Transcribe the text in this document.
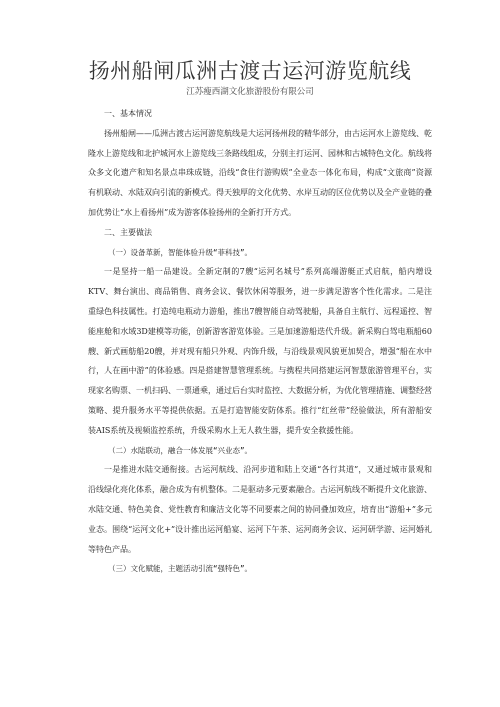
扬州船闸瓜洲古渡古运河游览航线
江苏瘦西湖文化旅游股份有限公司

一、基本情况

扬州船闸——瓜洲古渡古运河游览航线是大运河扬州段的精华部分，由古运河水上游览线、乾隆水上游览线和北护城河水上游览线三条路线组成，分别主打运河、园林和古城特色文化。航线将众多文化遗产和知名景点串珠成链，沿线“食住行游购娱”全业态一体化布局，构成“文旅商”资源有机联动、水陆双向引流的新模式。得天独厚的文化优势、水岸互动的区位优势以及全产业链的叠加优势让“水上看扬州”成为游客体验扬州的全新打开方式。

二、主要做法

（一）设备革新，智能体验升级“菲科技”。

一是坚持一船一品建设。全新定制的7艘“运河名城号”系列高端游艇正式启航，船内增设KTV、舞台演出、商品销售、商务会议、餐饮休闲等服务，进一步满足游客个性化需求。二是注重绿色科技属性。打造纯电瓶动力游船，推出7艘智能自动驾驶船，具备自主航行、远程遥控、智能座舱和水域3D建模等功能，创新游客游览体验。三是加速游船迭代升级。新采购白驾电瓶船60艘、新式画舫船20艘，并对现有船只外观、内饰升级，与沿线景观风貌更加契合，增强“船在水中行，人在画中游”的体验感。四是搭建智慧管理系统。与携程共同搭建运河智慧旅游管理平台，实现家名购票、一机扫码、一票通乘，通过后台实时监控、大数据分析，为优化管理措施、调整经营策略、提升服务水平等提供依据。五是打造智能安防体系。推行“红丝带”经验做法，所有游船安装AIS系统及视频监控系统，升级采购水上无人救生器，提升安全救援性能。

（二）水陆联动，融合一体发展“兴业态”。

一是推进水陆交通衔接。古运河航线、沿河步道和陆上交通“各行其道”，又通过城市景观和沿线绿化亮化体系，融合成为有机整体。二是驱动多元要素融合。古运河航线不断提升文化旅游、水陆交通、特色美食、党性教育和廉洁文化等不同要素之间的协同叠加效应，培育出“游船+”多元业态。围绕“运河文化+”设计推出运河船宴、运河下午茶、运河商务会议、运河研学游、运河婚礼等特色产品。

（三）文化赋能，主题活动引流“强特色”。
